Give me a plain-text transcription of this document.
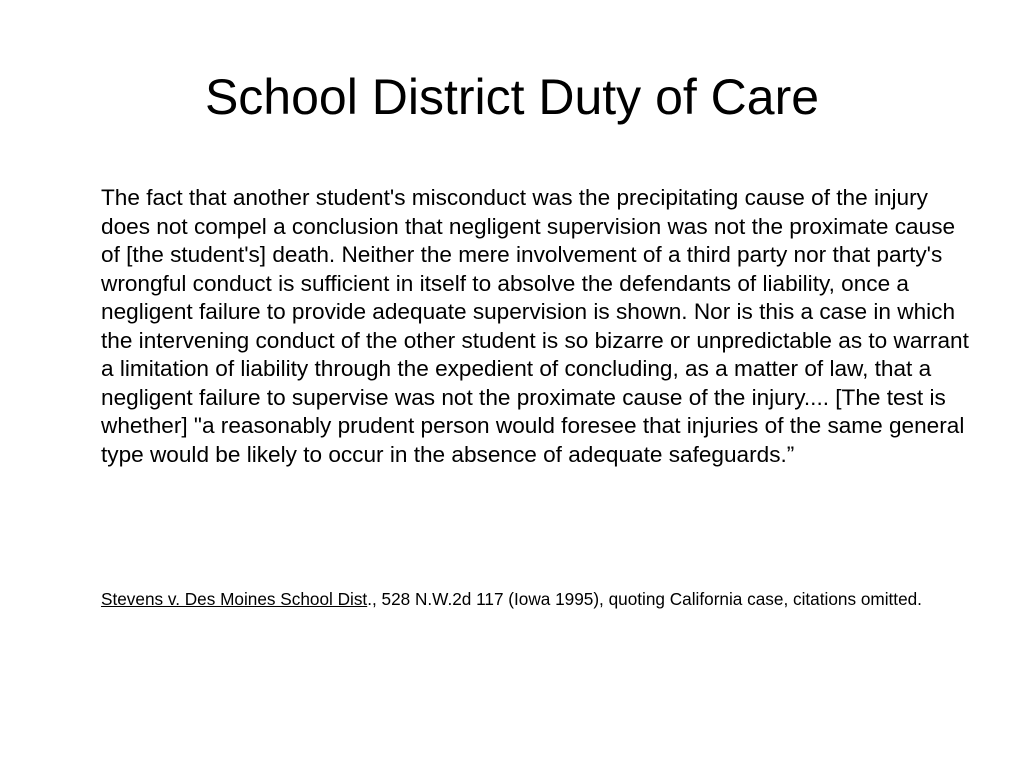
School District Duty of Care

The fact that another student's misconduct was the precipitating cause of the injury does not compel a conclusion that negligent supervision was not the proximate cause of [the student's] death. Neither the mere involvement of a third party nor that party's wrongful conduct is sufficient in itself to absolve the defendants of liability, once a negligent failure to provide adequate supervision is shown. Nor is this a case in which the intervening conduct of the other student is so bizarre or unpredictable as to warrant a limitation of liability through the expedient of concluding, as a matter of law, that a negligent failure to supervise was not the proximate cause of the injury.... [The test is whether] "a reasonably prudent person would foresee that injuries of the same general type would be likely to occur in the absence of adequate safeguards.”

Stevens v. Des Moines School Dist., 528 N.W.2d 117 (Iowa 1995), quoting California case, citations omitted.
